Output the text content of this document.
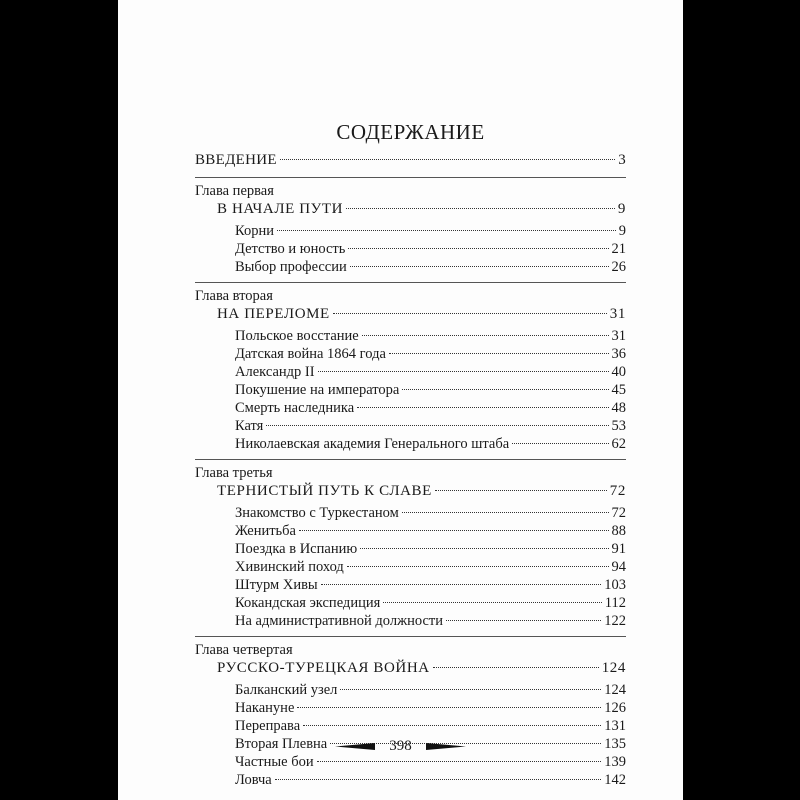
СОДЕРЖАНИЕ
ВВЕДЕНИЕ	3
Глава первая
В НАЧАЛЕ ПУТИ	9
Корни	9
Детство и юность	21
Выбор профессии	26
Глава вторая
НА ПЕРЕЛОМЕ	31
Польское восстание	31
Датская война 1864 года	36
Александр II	40
Покушение на императора	45
Смерть наследника	48
Катя	53
Николаевская академия Генерального штаба	62
Глава третья
ТЕРНИСТЫЙ ПУТЬ К СЛАВЕ	72
Знакомство с Туркестаном	72
Женитьба	88
Поездка в Испанию	91
Хивинский поход	94
Штурм Хивы	103
Кокандская экспедиция	112
На административной должности	122
Глава четвертая
РУССКО-ТУРЕЦКАЯ ВОЙНА	124
Балканский узел	124
Накануне	126
Переправа	131
Вторая Плевна	135
Частные бои	139
Ловча	142
398
